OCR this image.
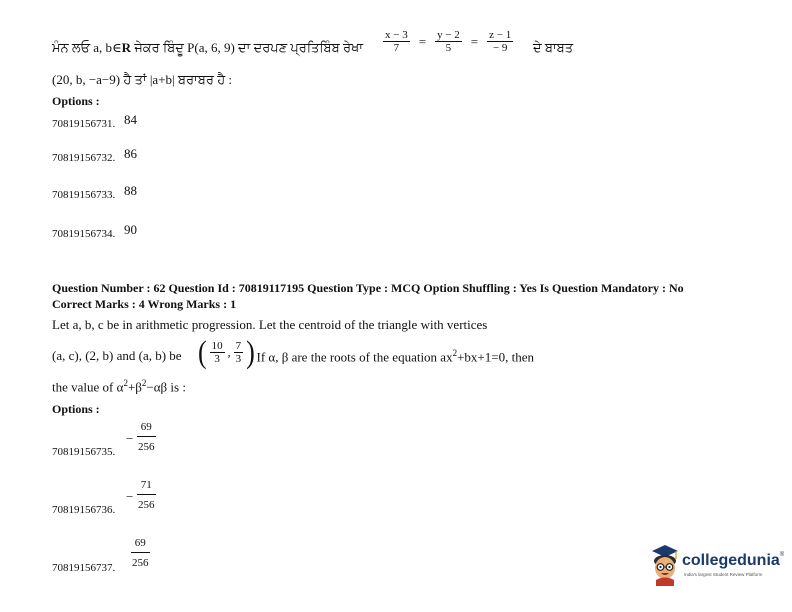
ਮੰਨ ਲਓ a, b∈R ਜੇਕਰ ਬਿੰਦੂ P(a, 6, 9) ਦਾ ਦਰਪਣ ਪ੍ਰਤਿਬਿੰਬ ਰੇਖਾ $\frac{x - 3}{7} = \frac{y - 2}{5} = \frac{z - 1}{- 9}$ ਦੇ ਬਾਬਤ
(20, b, −a−9) ਹੈ ਤਾਂ |a+b| ਬਰਾਬਰ ਹੈ :
Options :
70819156731. 84
70819156732. 86
70819156733. 88
70819156734. 90
Question Number : 62 Question Id : 70819117195 Question Type : MCQ Option Shuffling : Yes Is Question Mandatory : No
Correct Marks : 4 Wrong Marks : 1
Let a, b, c be in arithmetic progression. Let the centroid of the triangle with vertices
(a, c), (2, b) and (a, b) be ( $\frac{10}{3}$ , $\frac{7}{3}$ )
. If α, β are the roots of the equation $ax^2+bx+1=0$, then
the value of $\alpha^2+\beta^2-\alpha\beta$ is :
Options :
70819156735.
− $\frac{69}{256}$
70819156736.
− $\frac{71}{256}$
70819156737. $\frac{69}{256}$	collegedunia®
India's largest Student Review Platform
